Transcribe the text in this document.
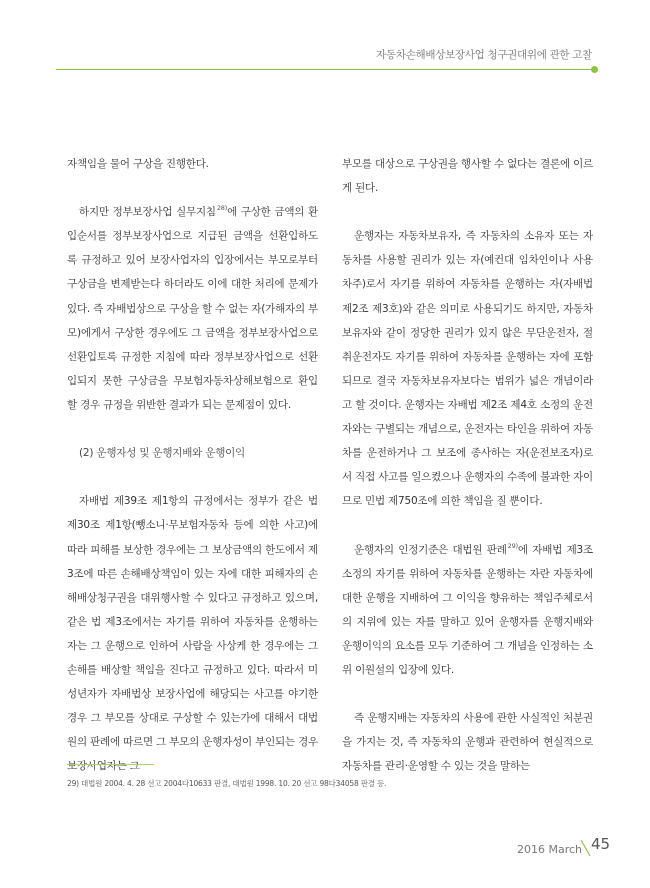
자동차손해배상보장사업 청구권대위에 관한 고찰

자책임을 물어 구상을 진행한다.

하지만 정부보장사업 실무지침$^{28)}$에 구상한 금액의 환입순서를 정부보장사업으로 지급된 금액을 선환입하도록 규정하고 있어 보장사업자의 입장에서는 부모로부터 구상금을 변제받는다 하더라도 이에 대한 처리에 문제가 있다. 즉 자배법상으로 구상을 할 수 없는 자(가해자의 부모)에게서 구상한 경우에도 그 금액을 정부보장사업으로 선환입토록 규정한 지침에 따라 정부보장사업으로 선환입되지 못한 구상금을 무보험자동차상해보험으로 환입할 경우 규정을 위반한 결과가 되는 문제점이 있다.

(2) 운행자성 및 운행지배와 운행이익

자배법 제39조 제1항의 규정에서는 정부가 같은 법 제30조 제1항(뺑소니·무보험자동차 등에 의한 사고)에 따라 피해를 보상한 경우에는 그 보상금액의 한도에서 제3조에 따른 손해배상책임이 있는 자에 대한 피해자의 손해배상청구권을 대위행사할 수 있다고 규정하고 있으며, 같은 법 제3조에서는 자기를 위하여 자동차를 운행하는 자는 그 운행으로 인하여 사람을 사상케 한 경우에는 그 손해를 배상할 책임을 진다고 규정하고 있다. 따라서 미성년자가 자배법상 보장사업에 해당되는 사고를 야기한 경우 그 부모를 상대로 구상할 수 있는가에 대해서 대법원의 판례에 따르면 그 부모의 운행자성이 부인되는 경우 보장사업자는 그

부모를 대상으로 구상권을 행사할 수 없다는 결론에 이르게 된다.

운행자는 자동차보유자, 즉 자동차의 소유자 또는 자동차를 사용할 권리가 있는 자(예컨대 임차인이나 사용차주)로서 자기를 위하여 자동차를 운행하는 자(자배법 제2조 제3호)와 같은 의미로 사용되기도 하지만, 자동차보유자와 같이 정당한 권리가 있지 않은 무단운전자, 절취운전자도 자기를 위하여 자동차를 운행하는 자에 포함되므로 결국 자동차보유자보다는 범위가 넓은 개념이라고 할 것이다. 운행자는 자배법 제2조 제4호 소정의 운전자와는 구별되는 개념으로, 운전자는 타인을 위하여 자동차를 운전하거나 그 보조에 종사하는 자(운전보조자)로서 직접 사고를 일으켰으나 운행자의 수족에 불과한 자이므로 민법 제750조에 의한 책임을 질 뿐이다.

운행자의 인정기준은 대법원 판례$^{29)}$에 자배법 제3조 소정의 자기를 위하여 자동차를 운행하는 자란 자동차에 대한 운행을 지배하여 그 이익을 향유하는 책임주체로서의 지위에 있는 자를 말하고 있어 운행자를 운행지배와 운행이익의 요소를 모두 기준하여 그 개념을 인정하는 소위 이원설의 입장에 있다.

즉 운행지배는 자동차의 사용에 관한 사실적인 처분권을 가지는 것, 즉 자동차의 운행과 관련하여 현실적으로 자동차를 관리·운영할 수 있는 것을 말하는

29) 대법원 2004. 4. 28 선고 2004다10633 판결, 대법원 1998. 10. 20 선고 98다34058 판결 등.
2016 March 45
